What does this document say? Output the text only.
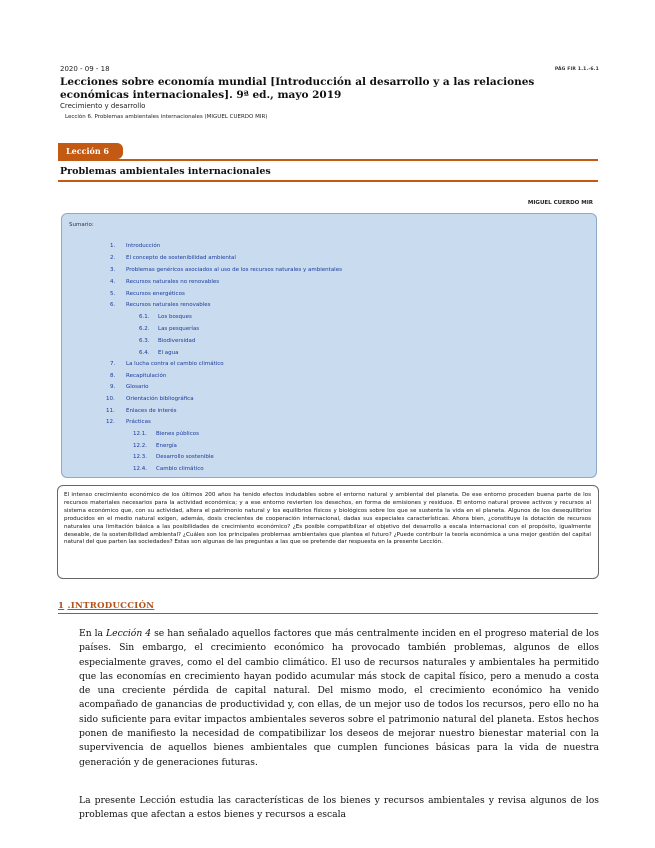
2020 - 09 - 18	PÁG FIR 1.1.-6.1
Lecciones sobre economía mundial [Introducción al desarrollo y a las relaciones económicas internacionales]. 9ª ed., mayo 2019
Crecimiento y desarrollo
Lección 6. Problemas ambientales internacionales (MIGUEL CUERDO MIR)
Lección 6
Problemas ambientales internacionales
MIGUEL CUERDO MIR
Sumario:
1. Introducción
2. El concepto de sostenibilidad ambiental
3. Problemas genéricos asociados al uso de los recursos naturales y ambientales
4. Recursos naturales no renovables
5. Recursos energéticos
6. Recursos naturales renovables
6.1. Los bosques
6.2. Las pesquerías
6.3. Biodiversidad
6.4. El agua
7. La lucha contra el cambio climático
8. Recapitulación
9. Glosario
10. Orientación bibliográfica
11. Enlaces de interés
12. Prácticas
12.1. Bienes públicos
12.2. Energía
12.3. Desarrollo sostenible
12.4. Cambio climático
El intenso crecimiento económico de los últimos 200 años ha tenido efectos indudables sobre el entorno natural y ambiental del planeta. De ese entorno proceden buena parte de los recursos materiales necesarios para la actividad económica; y a ese entorno revierten los desechos, en forma de emisiones y residuos. El entorno natural provee activos y recursos al sistema económico que, con su actividad, altera el patrimonio natural y los equilibrios físicos y biológicos sobre los que se sustenta la vida en el planeta. Algunos de los desequilibrios producidos en el medio natural exigen, además, dosis crecientes de cooperación internacional, dadas sus especiales características. Ahora bien, ¿constituye la dotación de recursos naturales una limitación básica a las posibilidades de crecimiento económico? ¿Es posible compatibilizar el objetivo del desarrollo a escala internacional con el propósito, igualmente deseable, de la sostenibilidad ambiental? ¿Cuáles son los principales problemas ambientales que plantea el futuro? ¿Puede contribuir la teoría económica a una mejor gestión del capital natural del que parten las sociedades? Estas son algunas de las preguntas a las que se pretende dar respuesta en la presente Lección.
1 .INTRODUCCIÓN
En la Lección 4 se han señalado aquellos factores que más centralmente inciden en el progreso material de los países. Sin embargo, el crecimiento económico ha provocado también problemas, algunos de ellos especialmente graves, como el del cambio climático. El uso de recursos naturales y ambientales ha permitido que las economías en crecimiento hayan podido acumular más stock de capital físico, pero a menudo a costa de una creciente pérdida de capital natural. Del mismo modo, el crecimiento económico ha venido acompañado de ganancias de productividad y, con ellas, de un mejor uso de todos los recursos, pero ello no ha sido suficiente para evitar impactos ambientales severos sobre el patrimonio natural del planeta. Estos hechos ponen de manifiesto la necesidad de compatibilizar los deseos de mejorar nuestro bienestar material con la supervivencia de aquellos bienes ambientales que cumplen funciones básicas para la vida de nuestra generación y de generaciones futuras.
La presente Lección estudia las características de los bienes y recursos ambientales y revisa algunos de los problemas que afectan a estos bienes y recursos a escala
